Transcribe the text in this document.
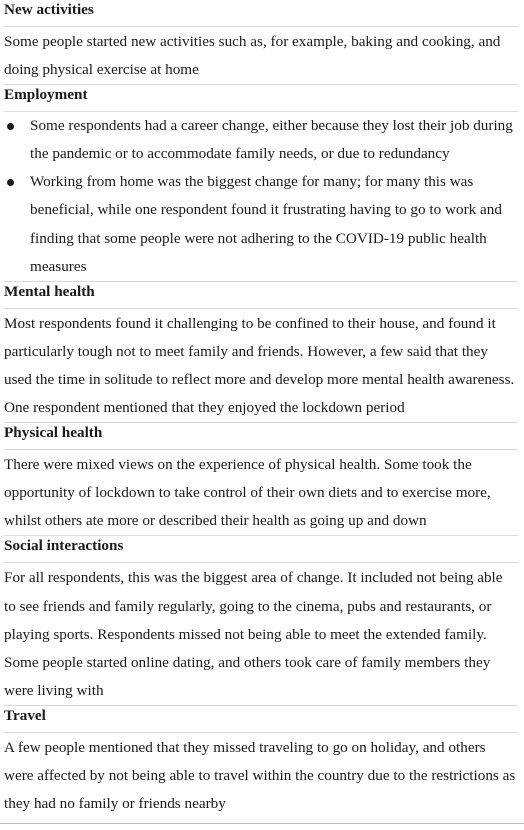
New activities

Some people started new activities such as, for example, baking and cooking, and doing physical exercise at home

Employment
Some respondents had a career change, either because they lost their job during the pandemic or to accommodate family needs, or due to redundancy
Working from home was the biggest change for many; for many this was beneficial, while one respondent found it frustrating having to go to work and finding that some people were not adhering to the COVID-19 public health measures
Mental health

Most respondents found it challenging to be confined to their house, and found it particularly tough not to meet family and friends. However, a few said that they used the time in solitude to reflect more and develop more mental health awareness. One respondent mentioned that they enjoyed the lockdown period

Physical health

There were mixed views on the experience of physical health. Some took the opportunity of lockdown to take control of their own diets and to exercise more, whilst others ate more or described their health as going up and down

Social interactions

For all respondents, this was the biggest area of change. It included not being able to see friends and family regularly, going to the cinema, pubs and restaurants, or playing sports. Respondents missed not being able to meet the extended family. Some people started online dating, and others took care of family members they were living with

Travel

A few people mentioned that they missed traveling to go on holiday, and others were affected by not being able to travel within the country due to the restrictions as they had no family or friends nearby
